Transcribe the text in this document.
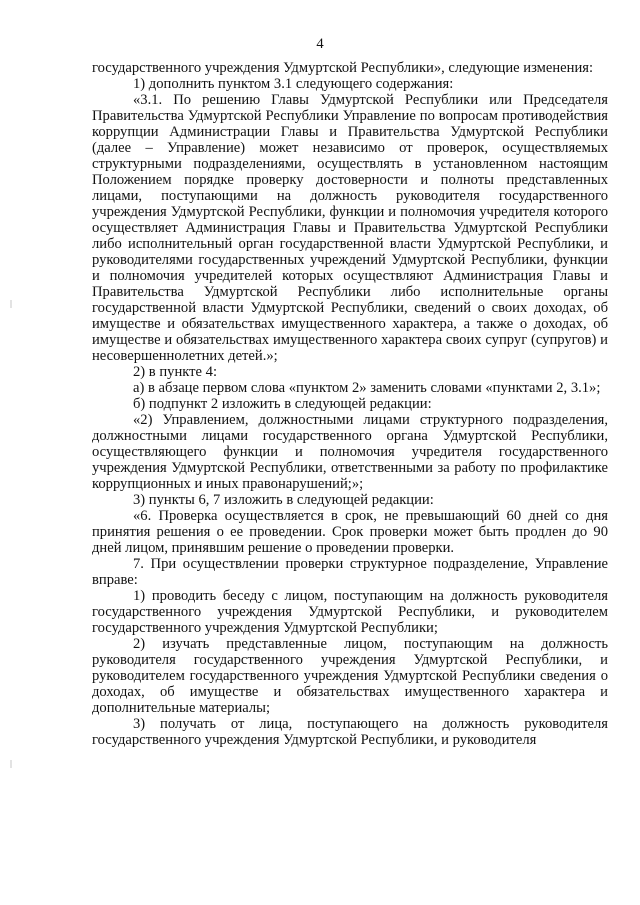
4

государственного учреждения Удмуртской Республики», следующие изменения:

1) дополнить пунктом 3.1 следующего содержания:

«3.1. По решению Главы Удмуртской Республики или Председателя Правительства Удмуртской Республики Управление по вопросам противодействия коррупции Администрации Главы и Правительства Удмуртской Республики (далее – Управление) может независимо от проверок, осуществляемых структурными подразделениями, осуществлять в установленном настоящим Положением порядке проверку достоверности и полноты представленных лицами, поступающими на должность руководителя государственного учреждения Удмуртской Республики, функции и полномочия учредителя которого осуществляет Администрация Главы и Правительства Удмуртской Республики либо исполнительный орган государственной власти Удмуртской Республики, и руководителями государственных учреждений Удмуртской Республики, функции и полномочия учредителей которых осуществляют Администрация Главы и Правительства Удмуртской Республики либо исполнительные органы государственной власти Удмуртской Республики, сведений о своих доходах, об имуществе и обязательствах имущественного характера, а также о доходах, об имуществе и обязательствах имущественного характера своих супруг (супругов) и несовершеннолетних детей.»;

2) в пункте 4:

а) в абзаце первом слова «пунктом 2» заменить словами «пунктами 2, 3.1»;

б) подпункт 2 изложить в следующей редакции:

«2) Управлением, должностными лицами структурного подразделения, должностными лицами государственного органа Удмуртской Республики, осуществляющего функции и полномочия учредителя государственного учреждения Удмуртской Республики, ответственными за работу по профилактике коррупционных и иных правонарушений;»;

3) пункты 6, 7 изложить в следующей редакции:

«6. Проверка осуществляется в срок, не превышающий 60 дней со дня принятия решения о ее проведении. Срок проверки может быть продлен до 90 дней лицом, принявшим решение о проведении проверки.

7. При осуществлении проверки структурное подразделение, Управление вправе:

1) проводить беседу с лицом, поступающим на должность руководителя государственного учреждения Удмуртской Республики, и руководителем государственного учреждения Удмуртской Республики;

2) изучать представленные лицом, поступающим на должность руководителя государственного учреждения Удмуртской Республики, и руководителем государственного учреждения Удмуртской Республики сведения о доходах, об имуществе и обязательствах имущественного характера и дополнительные материалы;

3) получать от лица, поступающего на должность руководителя государственного учреждения Удмуртской Республики, и руководителя
